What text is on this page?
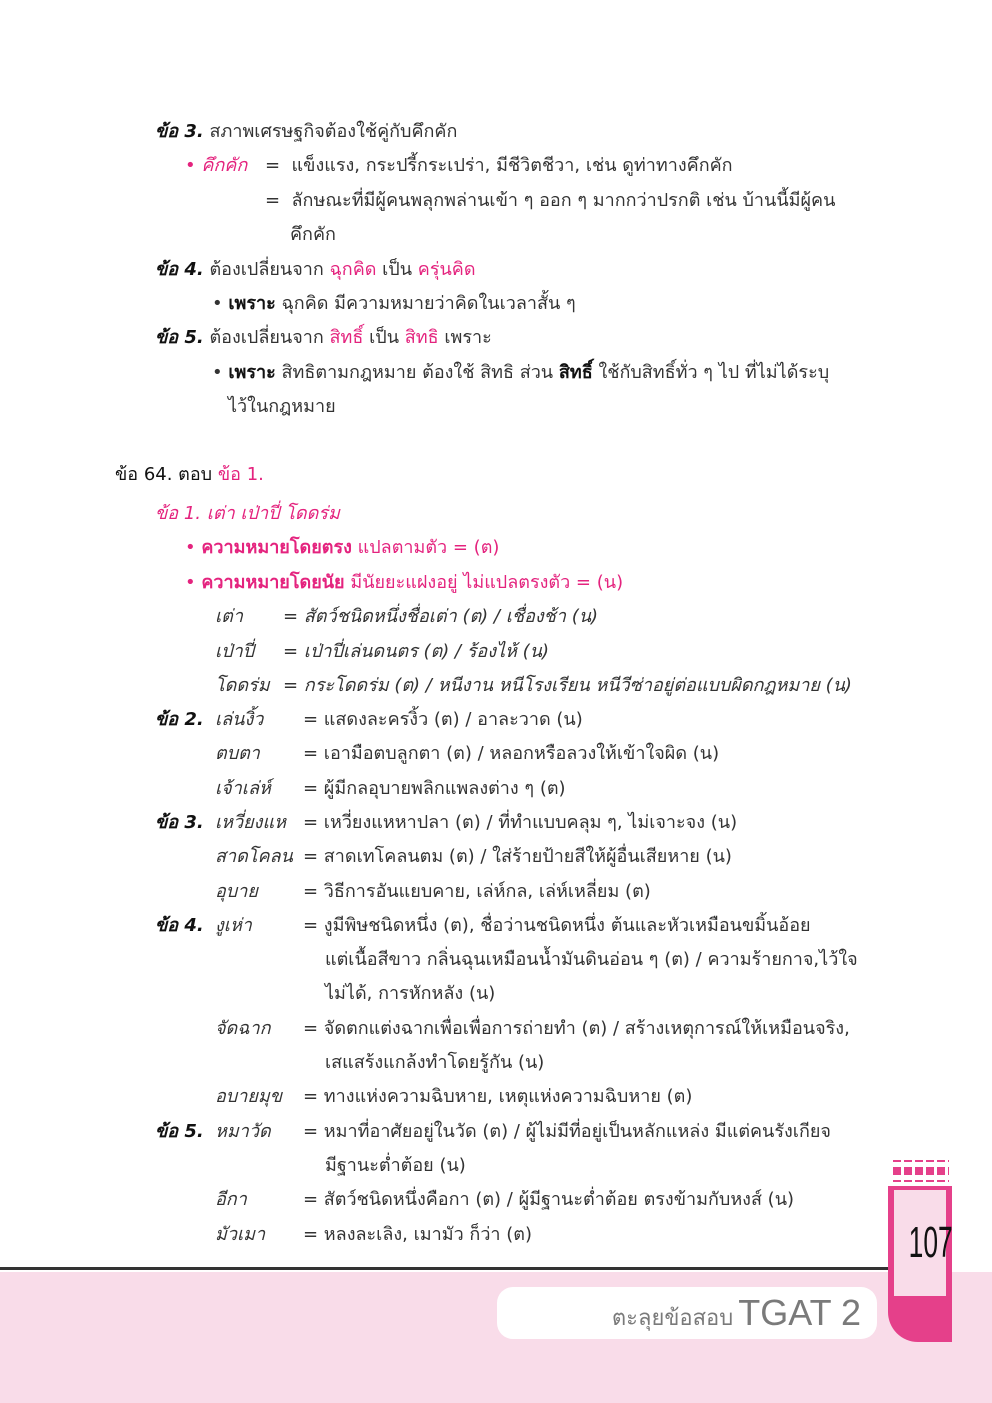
ข้อ 3. สภาพเศรษฐกิจต้องใช้คู่กับคึกคัก
• คึกคัก =  แข็งแรง, กระปรี้กระเปร่า, มีชีวิตชีวา, เช่น ดูท่าทางคึกคัก
=  ลักษณะที่มีผู้คนพลุกพล่านเข้า ๆ ออก ๆ มากกว่าปรกติ เช่น บ้านนี้มีผู้คน
คึกคัก
ข้อ 4. ต้องเปลี่ยนจาก ฉุกคิด เป็น ครุ่นคิด
• เพราะ ฉุกคิด มีความหมายว่าคิดในเวลาสั้น ๆ
ข้อ 5. ต้องเปลี่ยนจาก สิทธิ์ เป็น สิทธิ เพราะ
• เพราะ สิทธิตามกฎหมาย ต้องใช้ สิทธิ ส่วน สิทธิ์ ใช้กับสิทธิ์ทั่ว ๆ ไป ที่ไม่ได้ระบุ
ไว้ในกฎหมาย
ข้อ 64. ตอบ ข้อ 1.
ข้อ 1. เต่า เป่าปี่ โดดร่ม
• ความหมายโดยตรง แปลตามตัว = (ต)
• ความหมายโดยนัย มีนัยยะแฝงอยู่ ไม่แปลตรงตัว = (น)
เต่า = สัตว์ชนิดหนึ่งชื่อเต่า (ต) / เชื่องช้า (น)
เป่าปี่ = เป่าปี่เล่นดนตร (ต) / ร้องไห้ (น)
โดดร่ม = กระโดดร่ม (ต) / หนีงาน หนีโรงเรียน หนีวีซ่าอยู่ต่อแบบผิดกฎหมาย (น)
ข้อ 2. เล่นงิ้ว = แสดงละครงิ้ว (ต) / อาละวาด (น)
ตบตา = เอามือตบลูกตา (ต) / หลอกหรือลวงให้เข้าใจผิด (น)
เจ้าเล่ห์ = ผู้มีกลอุบายพลิกแพลงต่าง ๆ (ต)
ข้อ 3. เหวี่ยงแห = เหวี่ยงแหหาปลา (ต) / ที่ทำแบบคลุม ๆ, ไม่เจาะจง (น)
สาดโคลน = สาดเทโคลนตม (ต) / ใส่ร้ายป้ายสีให้ผู้อื่นเสียหาย (น)
อุบาย	= วิธีการอันแยบคาย, เล่ห์กล, เล่ห์เหลี่ยม (ต)
ข้อ 4. งูเห่า	= งูมีพิษชนิดหนึ่ง (ต), ชื่อว่านชนิดหนึ่ง ต้นและหัวเหมือนขมิ้นอ้อย
แต่เนื้อสีขาว กลิ่นฉุนเหมือนน้ำมันดินอ่อน ๆ (ต) / ความร้ายกาจ,ไว้ใจ
ไม่ได้, การหักหลัง (น)
จัดฉาก = จัดตกแต่งฉากเพื่อเพื่อการถ่ายทำ (ต) / สร้างเหตุการณ์ให้เหมือนจริง,
เสแสร้งแกล้งทำโดยรู้กัน (น)
อบายมุข = ทางแห่งความฉิบหาย, เหตุแห่งความฉิบหาย (ต)
ข้อ 5. หมาวัด = หมาที่อาศัยอยู่ในวัด (ต) / ผู้ไม่มีที่อยู่เป็นหลักแหล่ง มีแต่คนรังเกียจ
มีฐานะต่ำต้อย (น)
อีกา	= สัตว์ชนิดหนึ่งคือกา (ต) / ผู้มีฐานะต่ำต้อย ตรงข้ามกับหงส์ (น)
มัวเมา = หลงละเลิง, เมามัว ก็ว่า (ต)
ตะลุยข้อสอบ TGAT 2
107
